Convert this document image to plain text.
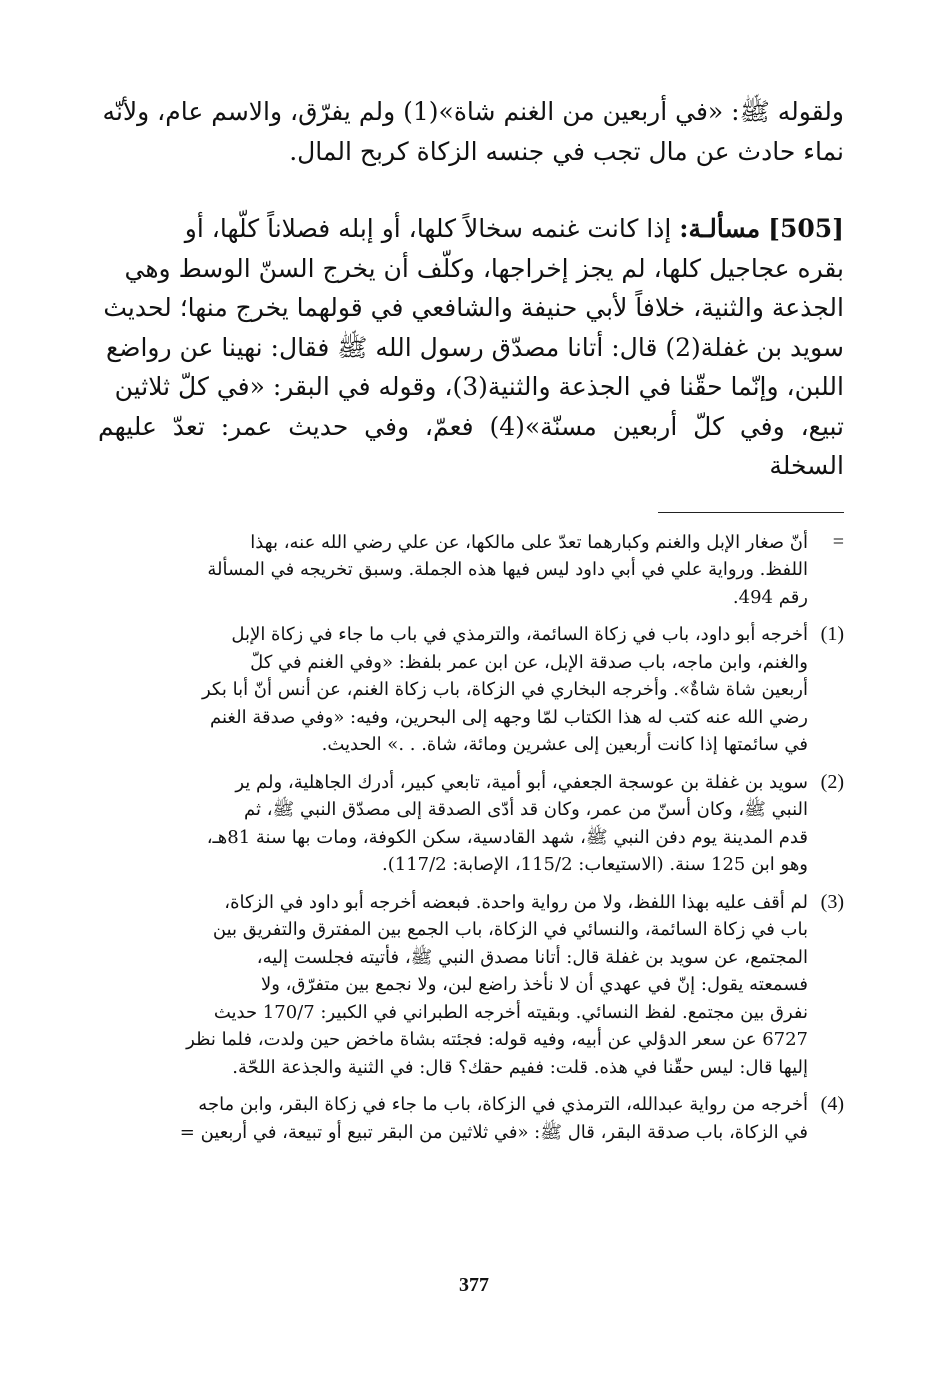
ولقوله ﷺ: «في أربعين من الغنم شاة»(1) ولم يفرّق، والاسم عام، ولأنّه

نماء حادث عن مال تجب في جنسه الزكاة كربح المال.

[505] مسألـة: إذا كانت غنمه سخالاً كلها، أو إبله فصلاناً كلّها، أو

بقره عجاجيل كلها، لم يجز إخراجها، وكلّف أن يخرج السنّ الوسط وهي

الجذعة والثنية، خلافاً لأبي حنيفة والشافعي في قولهما يخرج منها؛ لحديث

سويد بن غفلة(2) قال: أتانا مصدّق رسول الله ﷺ فقال: نهينا عن رواضع

اللبن، وإنّما حقّنا في الجذعة والثنية(3)، وقوله في البقر: «في كلّ ثلاثين

تبيع، وفي كلّ أربعين مسنّة»(4) فعمّ، وفي حديث عمر: تعدّ عليهم السخلة

=

أنّ صغار الإبل والغنم وكبارهما تعدّ على مالكها، عن علي رضي الله عنه، بهذا

اللفظ. ورواية علي في أبي داود ليس فيها هذه الجملة. وسبق تخريجه في المسألة

رقم 494.

(1)

أخرجه أبو داود، باب في زكاة السائمة، والترمذي في باب ما جاء في زكاة الإبل

والغنم، وابن ماجه، باب صدقة الإبل، عن ابن عمر بلفظ: «وفي الغنم في كلّ

أربعين شاة شاةٌ». وأخرجه البخاري في الزكاة، باب زكاة الغنم، عن أنس أنّ أبا بكر

رضي الله عنه كتب له هذا الكتاب لمّا وجهه إلى البحرين، وفيه: «وفي صدقة الغنم

في سائمتها إذا كانت أربعين إلى عشرين ومائة، شاة. . .» الحديث.

(2)

سويد بن غفلة بن عوسجة الجعفي، أبو أمية، تابعي كبير، أدرك الجاهلية، ولم ير

النبي ﷺ، وكان أسنّ من عمر، وكان قد أدّى الصدقة إلى مصدّق النبي ﷺ، ثم

قدم المدينة يوم دفن النبي ﷺ، شهد القادسية، سكن الكوفة، ومات بها سنة 81هـ،

وهو ابن 125 سنة. (الاستيعاب: 115/2، الإصابة: 117/2).

(3)

لم أقف عليه بهذا اللفظ، ولا من رواية واحدة. فبعضه أخرجه أبو داود في الزكاة،

باب في زكاة السائمة، والنسائي في الزكاة، باب الجمع بين المفترق والتفريق بين

المجتمع، عن سويد بن غفلة قال: أتانا مصدق النبي ﷺ، فأتيته فجلست إليه،

فسمعته يقول: إنّ في عهدي أن لا نأخذ راضع لبن، ولا نجمع بين متفرّق، ولا

نفرق بين مجتمع. لفظ النسائي. وبقيته أخرجه الطبراني في الكبير: 170/7 حديث

6727 عن سعر الدؤلي عن أبيه، وفيه قوله: فجئته بشاة ماخض حين ولدت، فلما نظر

إليها قال: ليس حقّنا في هذه. قلت: ففيم حقك؟ قال: في الثنية والجذعة اللحّة.

(4)

أخرجه من رواية عبدالله، الترمذي في الزكاة، باب ما جاء في زكاة البقر، وابن ماجه

في الزكاة، باب صدقة البقر، قال ﷺ: «في ثلاثين من البقر تبيع أو تبيعة، في أربعين =

377
